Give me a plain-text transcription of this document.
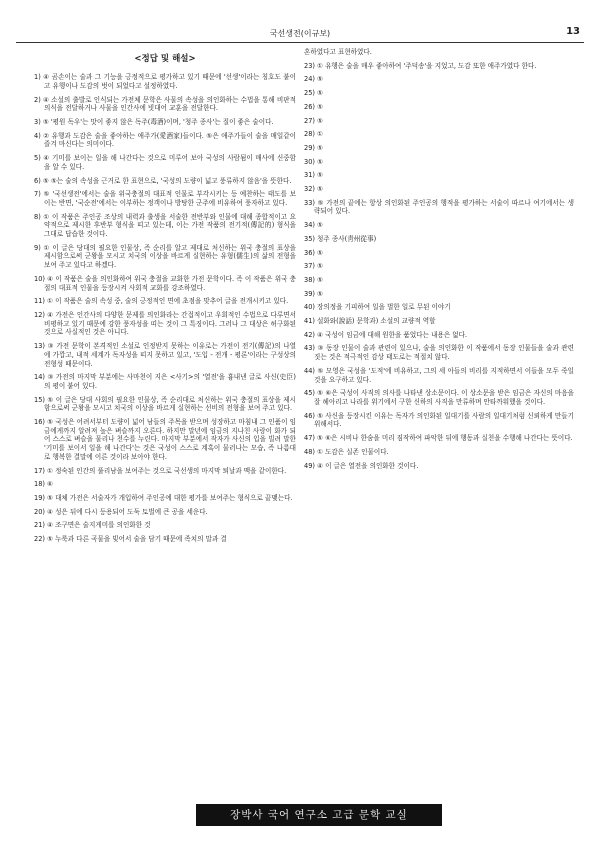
국선생전(이규보)	13
<정답 및 해설>
1) ④ 곰손이는 술과 그 기능을 긍정적으로 평가하고 있기 때문에 '선생'이라는 칭호도 붙이고 유행이나 도감의 벗이 되었다고 설정하였다.
2) ④ 소설의 출발로 인식되는 가전체 문학은 사물의 속성을 의인화하는 수법을 통해 비판적 의식을 전달하거나 사물을 인간사에 빗대어 교훈을 전달한다.
3) ⑤ '평원 독우'는 맛이 좋지 않은 독주(毒酒)이며, '청주 종사'는 질이 좋은 술이다.
4) ② 유행과 도감은 술을 좋아하는 애주가(愛酒家)들이다. ⑤은 애주가들이 술을 매일같이 즐겨 마신다는 의미이다.
5) ④ 기미를 보이는 일을 해 나간다는 것으로 미루어 보아 국성의 사람됨이 매사에 신중함을 알 수 있다.
6) ⑤ ⑤는 술의 속성을 근거로 한 표현으로, '국성의 도량이 넓고 풍류하지 않음'을 뜻한다.
7) ⑤ '국선생전'에서는 술을 위국충절의 대표적 인물로 부각시키는 등 예찬하는 태도를 보이는 반면, '국순전'에서는 이부하는 정객이나 방탕한 군주에 비유하여 풍자하고 있다.
8) ① 이 작품은 주인공 조상의 내력과 출생을 서술한 전반부와 인물에 대해 종합적이고 요약적으로 제시한 후반부 형식을 띠고 있는데, 이는 가전 작품의 전기적(傳記的) 형식을 그대로 답습한 것이다.
9) ① 이 글은 당대의 필요한 인물상, 즉 순리를 알고 제대로 처신하는 위국 충절의 표상을 제시함으로써 군왕을 모시고 치국의 이상을 바르게 실현하는 유형(儒生)의 삶의 전형을 보여 주고 있다고 하겠다.
10) ④ 이 작품은 술을 의인화하여 위국 충절을 교화한 가전 문학이다. 즉 이 작품은 위국 충절의 대표적 인물을 등장시켜 사회적 교화를 강조하였다.
11) ① 이 작품은 술의 속성 중, 술의 긍정적인 면에 초점을 맞추어 글을 전개시키고 있다.
12) ④ 가전은 인간사의 다양한 문제를 의인화라는 간접적이고 우회적인 수법으로 다루면서 비평하고 있기 때문에 강한 풍자성을 띠는 것이 그 특징이다. 그러나 그 대상은 허구화된 것으로 사실적인 것은 아니다.
13) ③ 가전 문학이 본격적인 소설로 인정받지 못하는 이유로는 가전이 전기(傳記)의 나열에 가깝고, 내적 세계가 독자성을 띠지 못하고 있고, '도입 - 전개 - 평론'이라는 구성상의 전형성 때문이다.
14) ③ 가전의 마지막 부분에는 사마천이 지은 <사기>의 '열전'을 흉내낸 글로 사신(史臣)의 평이 붙어 있다.
15) ⑤ 이 글은 당대 사회의 필요한 인물상, 즉 순리대로 처신하는 위국 충절의 표상을 제시함으로써 군왕을 모시고 치국의 이상을 바르게 실현하는 선비의 전형을 보여 주고 있다.
16) ⑤ 국성은 어려서부터 도량이 넓어 남들의 주목을 받으며 성장하고 마침내 그 인품이 임금에게까지 알려져 높은 벼슬까지 오른다. 하지만 말년에 임금의 지나친 사랑이 화가 되어 스스로 벼슬을 물리나 천수를 누린다. 마지막 부분에서 작자가 사신의 입을 빌려 말한 '기미를 보이서 일을 해 나간다'는 것은 국성이 스스로 계혹이 물러나는 모습, 즉 나름대로 행복한 결말에 이른 것이라 보아야 한다.
17) ① 정숙된 인간의 풀리남을 보여주는 것으로 국선생의 마지막 퇴날과 맥을 같이한다.
18) ⑥
19) ⑤ 대체 가전은 서술자가 개입하여 주인공에 대한 평가를 보여주는 형식으로 끝맺는다.
20) ④ 성은 뒤에 다시 등용되어 도둑 토벌에 큰 공을 세운다.
21) ④ 조구면은 술지게미를 의인화한 것
22) ⑤ 누룩과 다른 곡물을 빚어서 술을 담기 때문에 족치의 말과 결
혼하였다고 표현하였다.
23) ① 유행은 술을 매우 좋아하여 '주덕송'을 지었고, 도감 또한 애주가였다 한다.
24) ⑤
25) ⑤
26) ⑤
27) ⑤
28) ①
29) ⑤
30) ⑤
31) ⑤
32) ⑤
33) ⑤ 가전의 끝에는 항상 의인화된 주인공의 행적을 평가하는 서술이 따르나 여기에서는 생략되어 있다.
34) ⑤
35) 청주 종사(靑州從事)
36) ⑤
37) ⑤
38) ⑤
39) ⑤
40) 장의정을 기피하여 일을 벌한 일로 무된 이야기
41) 설화와(說話) 문학과) 소설의 교량적 역할
42) ④ 국성이 임금에 대해 원한을 품었다는 내용은 없다.
43) ③ 동장 인물이 술과 관련이 있으나, 술을 의인화한 이 작품에서 동장 인물들을 술과 관련 짓는 것은 적극적인 감상 태도로는 적절치 않다.
44) ⑤ 모영은 국성을 '도적'에 비유하고, 그의 세 아들의 비리를 지적하면서 이들을 모두 죽일 것을 요구하고 있다.
45) ⑤ ⑥은 국성이 사직의 의사를 나타낸 상소문이다. 이 상소문을 받은 임금은 자신의 마음을 잘 헤아리고 나라를 위기에서 구한 신하의 사직을 만류하며 안타까워했을 것이다.
46) ⑤ 사신을 등장시킨 이유는 독자가 의인화된 일대기를 사람의 일대기처럼 신뢰하게 만들기 위해서다.
47) ⑤ ⑥은 시비나 한숨을 미리 짐작하여 파악한 뒤에 행동과 실천을 수행해 나간다는 뜻이다.
48) ① 도감은 실존 인물이다.
49) ④ 이 글은 열전을 의인화한 것이다.
장박사 국어 연구소 고급 문학 교실
